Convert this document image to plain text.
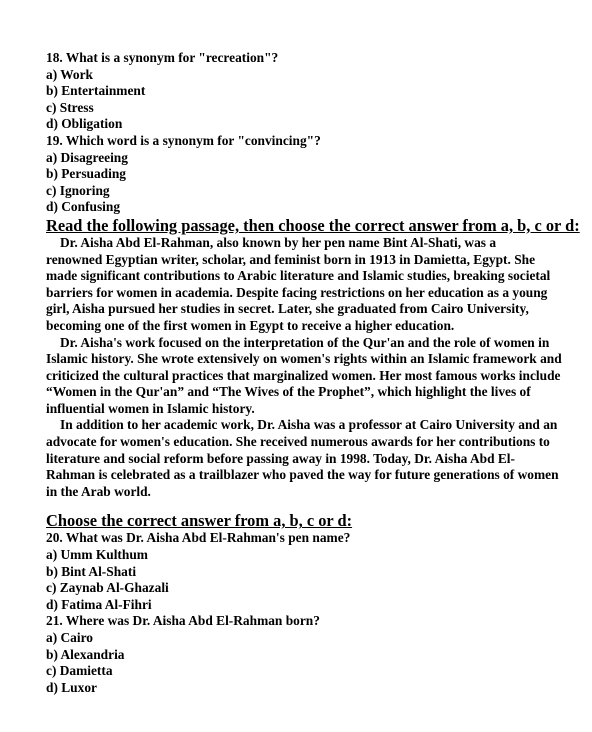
18. What is a synonym for "recreation"?
a) Work
b) Entertainment
c) Stress
d) Obligation
19. Which word is a synonym for "convincing"?
a) Disagreeing
b) Persuading
c) Ignoring
d) Confusing
Read the following passage, then choose the correct answer from a, b, c or d:
Dr. Aisha Abd El-Rahman, also known by her pen name Bint Al-Shati, was a
renowned Egyptian writer, scholar, and feminist born in 1913 in Damietta, Egypt. She
made significant contributions to Arabic literature and Islamic studies, breaking societal
barriers for women in academia. Despite facing restrictions on her education as a young
girl, Aisha pursued her studies in secret. Later, she graduated from Cairo University,
becoming one of the first women in Egypt to receive a higher education.
Dr. Aisha's work focused on the interpretation of the Qur'an and the role of women in
Islamic history. She wrote extensively on women's rights within an Islamic framework and
criticized the cultural practices that marginalized women. Her most famous works include
“Women in the Qur'an” and “The Wives of the Prophet”, which highlight the lives of
influential women in Islamic history.
In addition to her academic work, Dr. Aisha was a professor at Cairo University and an
advocate for women's education. She received numerous awards for her contributions to
literature and social reform before passing away in 1998. Today, Dr. Aisha Abd El-
Rahman is celebrated as a trailblazer who paved the way for future generations of women
in the Arab world.
Choose the correct answer from a, b, c or d:
20. What was Dr. Aisha Abd El-Rahman's pen name?
a) Umm Kulthum
b) Bint Al-Shati
c) Zaynab Al-Ghazali
d) Fatima Al-Fihri
21. Where was Dr. Aisha Abd El-Rahman born?
a) Cairo
b) Alexandria
c) Damietta
d) Luxor
